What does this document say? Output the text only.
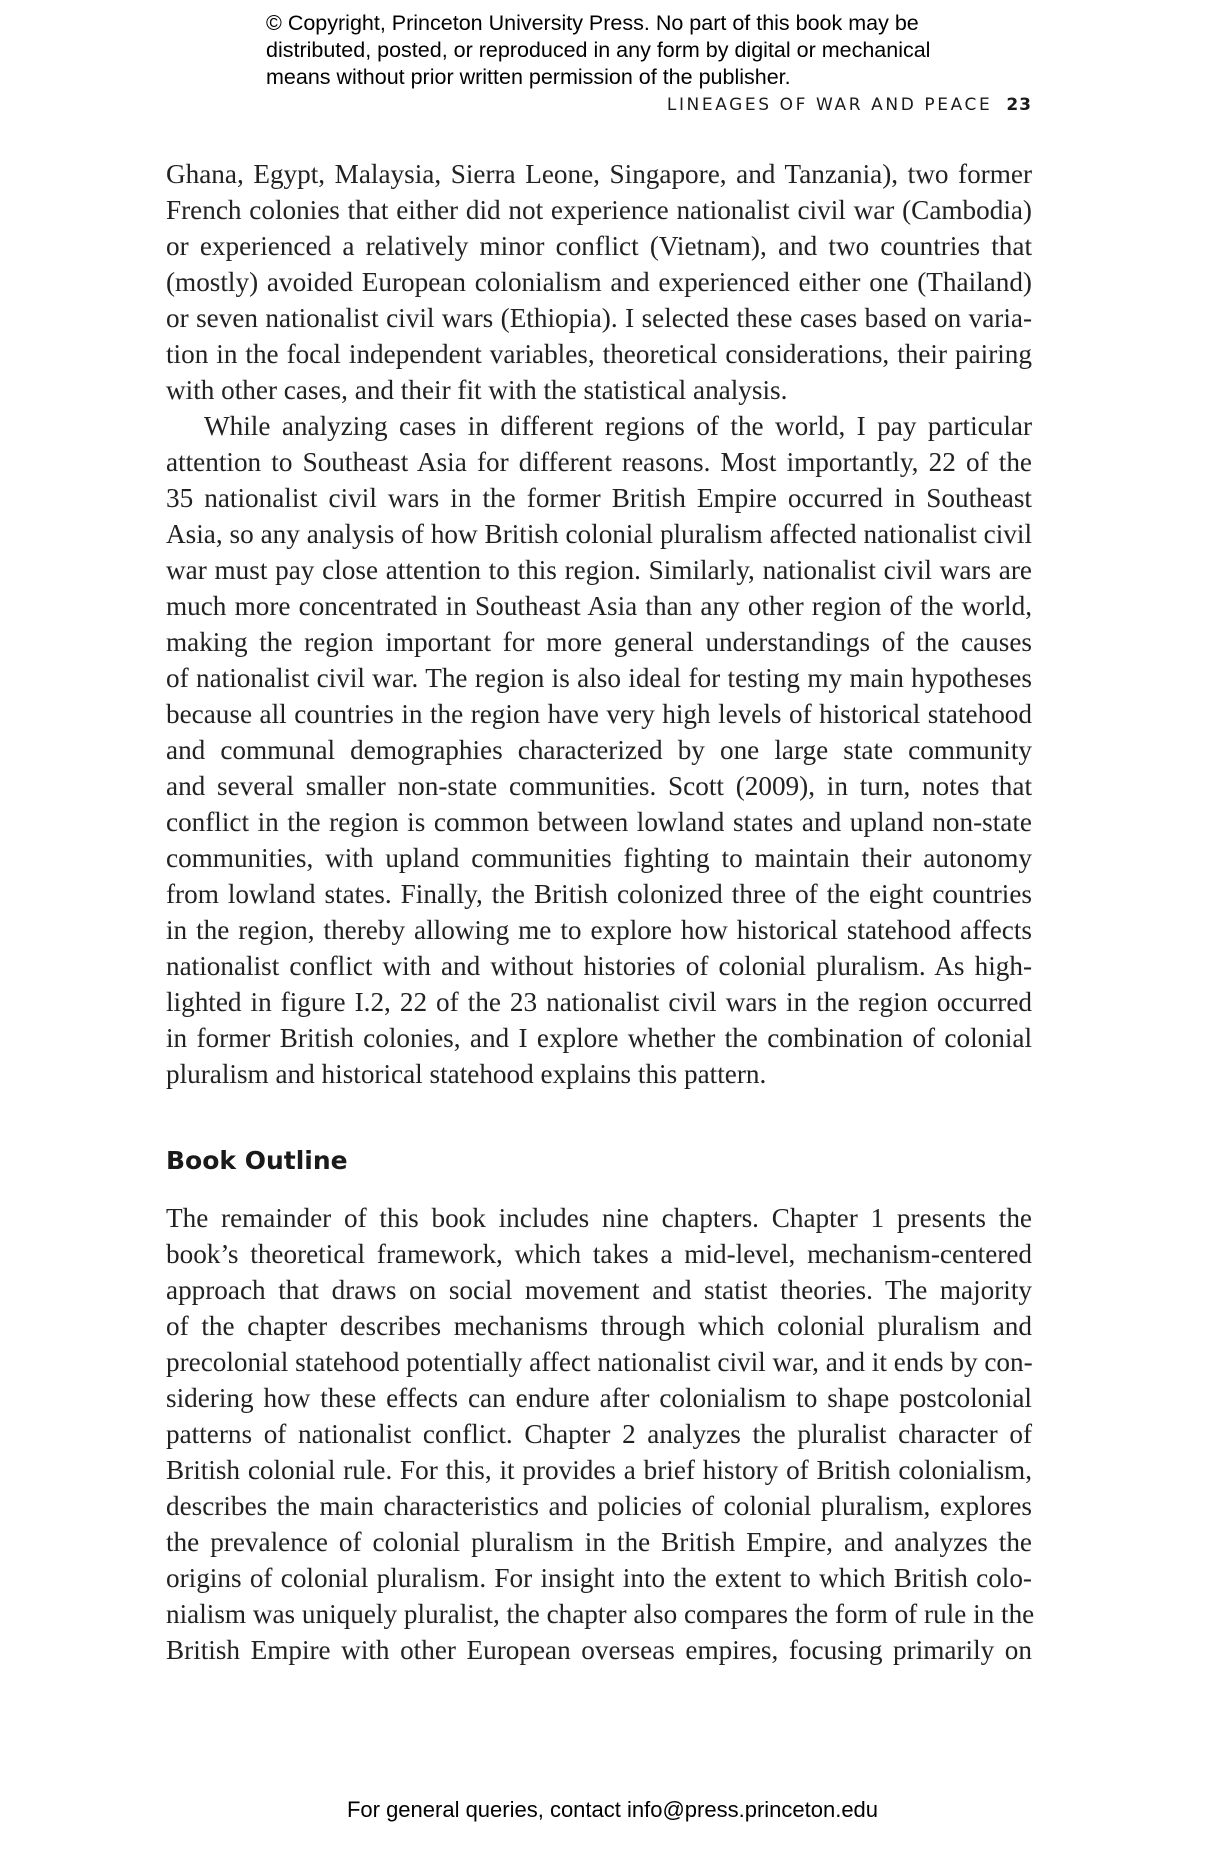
© Copyright, Princeton University Press. No part of this book may be
distributed, posted, or reproduced in any form by digital or mechanical
means without prior written permission of the publisher.
LINEAGES OF WAR AND PEACE 23
Ghana, Egypt, Malaysia, Sierra Leone, Singapore, and Tanzania), two former
French colonies that either did not experience nationalist civil war (Cambodia)
or experienced a relatively minor conflict (Vietnam), and two countries that
(mostly) avoided European colonialism and experienced either one (Thailand)
or seven nationalist civil wars (Ethiopia). I selected these cases based on varia-
tion in the focal independent variables, theoretical considerations, their pairing
with other cases, and their fit with the statistical analysis.
While analyzing cases in different regions of the world, I pay particular
attention to Southeast Asia for different reasons. Most importantly, 22 of the
35 nationalist civil wars in the former British Empire occurred in Southeast
Asia, so any analysis of how British colonial pluralism affected nationalist civil
war must pay close attention to this region. Similarly, nationalist civil wars are
much more concentrated in Southeast Asia than any other region of the world,
making the region important for more general understandings of the causes
of nationalist civil war. The region is also ideal for testing my main hypotheses
because all countries in the region have very high levels of historical statehood
and communal demographies characterized by one large state community
and several smaller non-state communities. Scott (2009), in turn, notes that
conflict in the region is common between lowland states and upland non-state
communities, with upland communities fighting to maintain their autonomy
from lowland states. Finally, the British colonized three of the eight countries
in the region, thereby allowing me to explore how historical statehood affects
nationalist conflict with and without histories of colonial pluralism. As high-
lighted in figure I.2, 22 of the 23 nationalist civil wars in the region occurred
in former British colonies, and I explore whether the combination of colonial
pluralism and historical statehood explains this pattern.
Book Outline
The remainder of this book includes nine chapters. Chapter 1 presents the
book’s theoretical framework, which takes a mid-level, mechanism-centered
approach that draws on social movement and statist theories. The majority
of the chapter describes mechanisms through which colonial pluralism and
precolonial statehood potentially affect nationalist civil war, and it ends by con-
sidering how these effects can endure after colonialism to shape postcolonial
patterns of nationalist conflict. Chapter 2 analyzes the pluralist character of
British colonial rule. For this, it provides a brief history of British colonialism,
describes the main characteristics and policies of colonial pluralism, explores
the prevalence of colonial pluralism in the British Empire, and analyzes the
origins of colonial pluralism. For insight into the extent to which British colo-
nialism was uniquely pluralist, the chapter also compares the form of rule in the
British Empire with other European overseas empires, focusing primarily on
For general queries, contact info@press.princeton.edu
